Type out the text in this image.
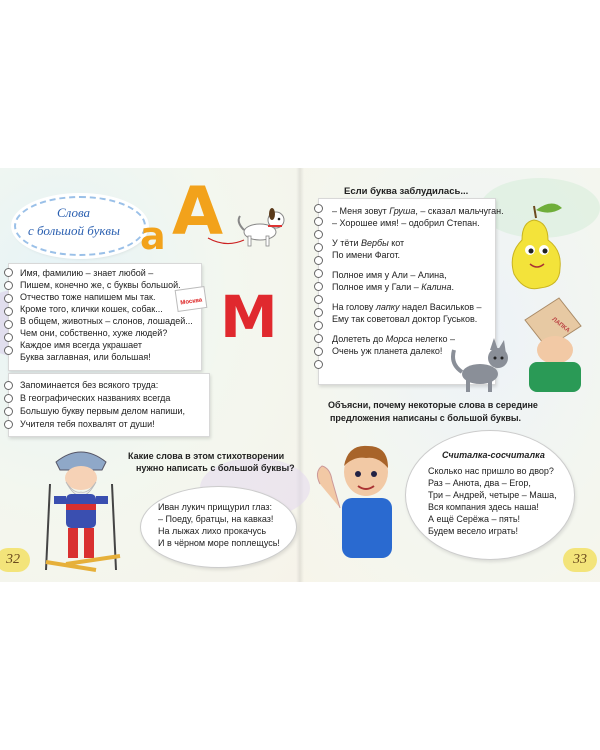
Слова
с большой буквы а А
Имя, фамилию – знает любой –
Пишем, конечно же, с буквы большой.
Отчество тоже напишем мы так.
Кроме того, клички кошек, собак...
В общем, животных – слонов, лошадей...
Чем они, собственно, хуже людей?
Каждое имя всегда украшает
Буква заглавная, или большая!
Москва М
Запоминается без всякого труда:
В географических названиях всегда
Большую букву первым делом напиши,
Учителя тебя похвалят от души!
Какие слова в этом стихотворении
нужно написать с большой буквы?
Иван лукич прищурил глаз:
– Поеду, братцы, на кавказ!
На лыжах лихо прокачусь
И в чёрном море поплещусь!
32
Если буква заблудилась...
– Меня зовут Груша, – сказал мальчуган.
– Хорошее имя! – одобрил Степан.
У тёти Вербы кот
По имени Фагот.
Полное имя у Али – Алина,
Полное имя у Гали – Калина.
На голову лапку надел Васильков –
Ему так советовал доктор Гуськов.
Долететь до Морса нелегко –
Очень уж планета далеко!
ЛАПКА
Объясни, почему некоторые слова в середине
предложения написаны с большой буквы.
Считалка-сосчиталка
Сколько нас пришло во двор?
Раз – Анюта, два – Егор,
Три – Андрей, четыре – Маша,
Вся компания здесь наша!
А ещё Серёжа – пять!
Будем весело играть!
33
